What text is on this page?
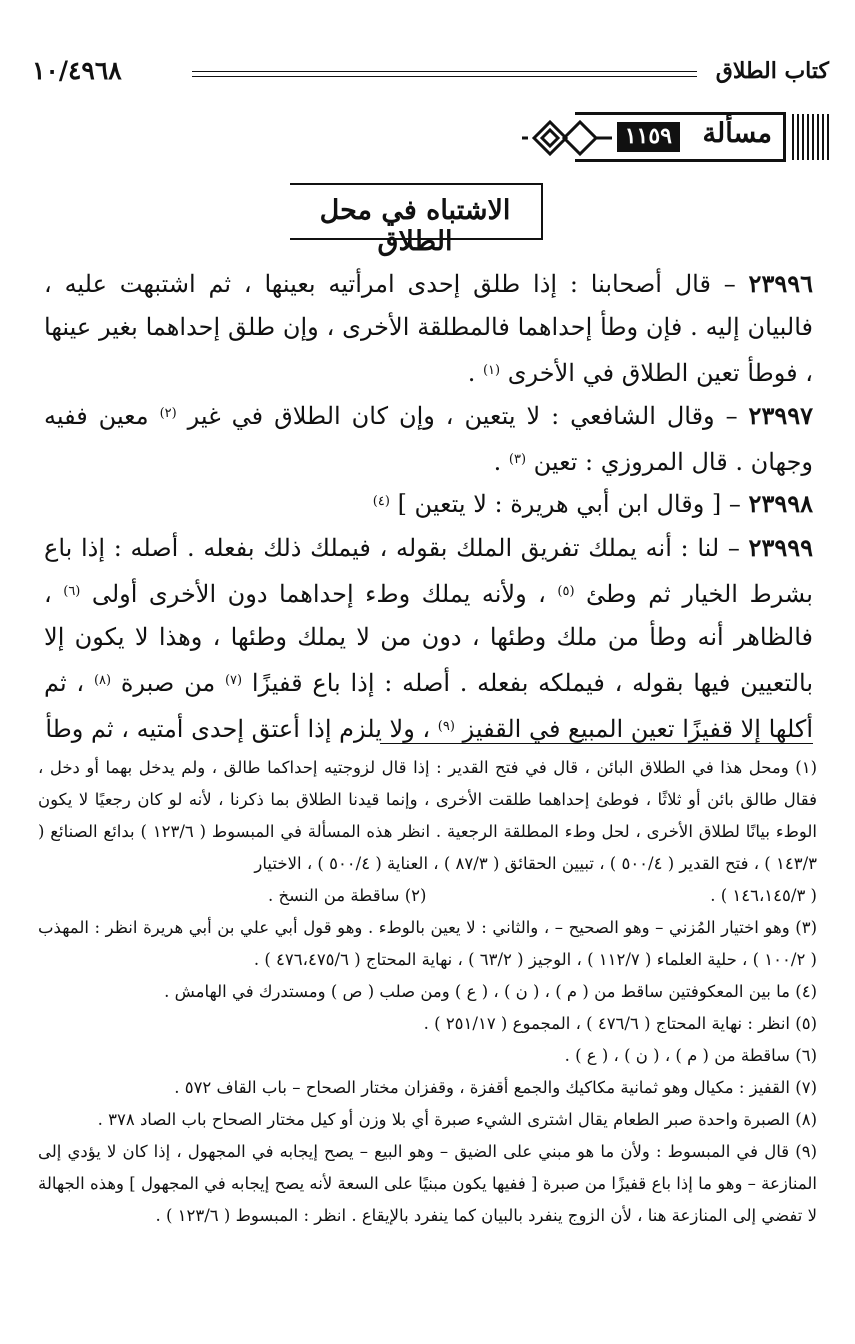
كتاب الطلاق
١٠/٤٩٦٨
مسألة
١١٥٩
الاشتباه في محل الطلاق
٢٣٩٩٦ – قال أصحابنا : إذا طلق إحدى امرأتيه بعينها ، ثم اشتبهت عليه ، فالبيان إليه . فإن وطأ إحداهما فالمطلقة الأخرى ، وإن طلق إحداهما بغير عينها ، فوطأ تعين الطلاق في الأخرى $^{(١)}$ .
٢٣٩٩٧ – وقال الشافعي : لا يتعين ، وإن كان الطلاق في غير $^{(٢)}$ معين ففيه وجهان . قال المروزي : تعين $^{(٣)}$ .
٢٣٩٩٨ – [ وقال ابن أبي هريرة : لا يتعين ] $^{(٤)}$
٢٣٩٩٩ – لنا : أنه يملك تفريق الملك بقوله ، فيملك ذلك بفعله . أصله : إذا باع بشرط الخيار ثم وطئ $^{(٥)}$ ، ولأنه يملك وطء إحداهما دون الأخرى أولى $^{(٦)}$ ، فالظاهر أنه وطأ من ملك وطئها ، دون من لا يملك وطئها ، وهذا لا يكون إلا بالتعيين فيها بقوله ، فيملكه بفعله . أصله : إذا باع قفيزًا $^{(٧)}$ من صبرة $^{(٨)}$ ، ثم أكلها إلا قفيزًا تعين المبيع في القفيز $^{(٩)}$ ، ولا يلزم إذا أعتق إحدى أمتيه ، ثم وطأ

(١) ومحل هذا في الطلاق البائن ، قال في فتح القدير : إذا قال لزوجتيه إحداكما طالق ، ولم يدخل بهما أو دخل ، فقال طالق بائن أو ثلاثًا ، فوطئ إحداهما طلقت الأخرى ، وإنما قيدنا الطلاق بما ذكرنا ، لأنه لو كان رجعيًا لا يكون الوطء بيانًا لطلاق الأخرى ، لحل وطء المطلقة الرجعية . انظر هذه المسألة في المبسوط ( ١٢٣/٦ ) بدائع الصنائع ( ١٤٣/٣ ) ، فتح القدير ( ٥٠٠/٤ ) ، تبيين الحقائق ( ٨٧/٣ ) ، العناية ( ٥٠٠/٤ ) ، الاختيار

( ١٤٦،١٤٥/٣ ) .
(٢) ساقطة من النسخ .

(٣) وهو اختيار المُزني – وهو الصحيح – ، والثاني : لا يعين بالوطء . وهو قول أبي علي بن أبي هريرة انظر : المهذب ( ١٠٠/٢ ) ، حلية العلماء ( ١١٢/٧ ) ، الوجيز ( ٦٣/٢ ) ، نهاية المحتاج ( ٤٧٦،٤٧٥/٦ ) .

(٤) ما بين المعكوفتين ساقط من ( م ) ، ( ن ) ، ( ع ) ومن صلب ( ص ) ومستدرك في الهامش .

(٥) انظر : نهاية المحتاج ( ٤٧٦/٦ ) ، المجموع ( ٢٥١/١٧ ) .

(٦) ساقطة من ( م ) ، ( ن ) ، ( ع ) .

(٧) القفيز : مكيال وهو ثمانية مكاكيك والجمع أقفزة ، وقفزان مختار الصحاح – باب القاف ٥٧٢ .

(٨) الصبرة واحدة صبر الطعام يقال اشترى الشيء صبرة أي بلا وزن أو كيل مختار الصحاح باب الصاد ٣٧٨ .

(٩) قال في المبسوط : ولأن ما هو مبني على الضيق – وهو البيع – يصح إيجابه في المجهول ، إذا كان لا يؤدي إلى المنازعة – وهو ما إذا باع قفيزًا من صبرة [ ففيها يكون مبنيًا على السعة لأنه يصح إيجابه في المجهول ] وهذه الجهالة لا تفضي إلى المنازعة هنا ، لأن الزوج ينفرد بالبيان كما ينفرد بالإيقاع . انظر : المبسوط ( ١٢٣/٦ ) .
